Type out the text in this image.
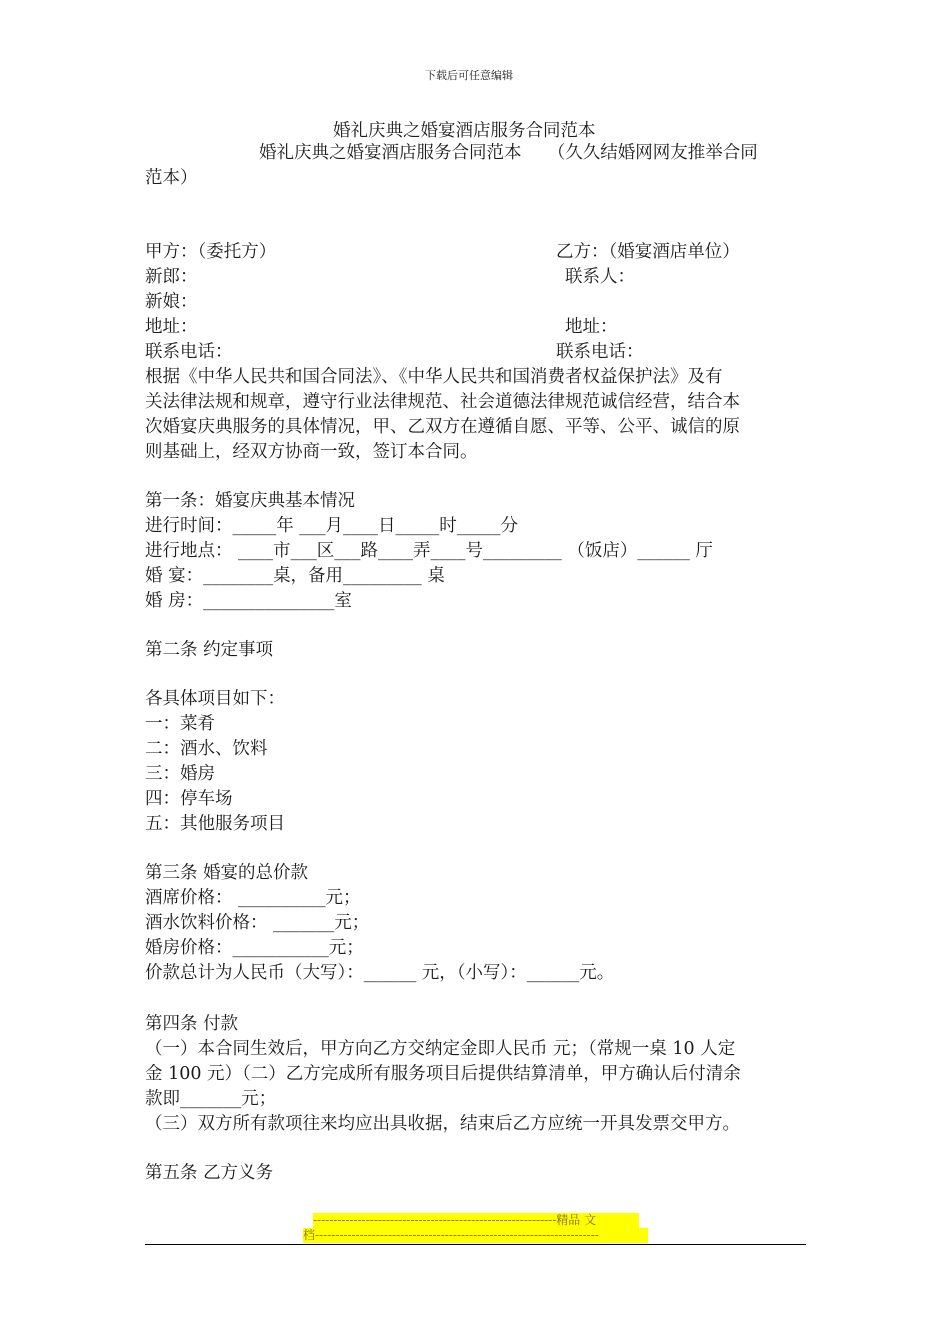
下载后可任意编辑
婚礼庆典之婚宴酒店服务合同范本
婚礼庆典之婚宴酒店服务合同范本　　（久久结婚网网友推举合同
范本）
甲方：（委托方）	乙方：（婚宴酒店单位）
新郎：	联系人：
新娘：
地址：	地址：
联系电话：	联系电话：
根据《中华人民共和国合同法》、《中华人民共和国消费者权益保护法》及有
关法律法规和规章，遵守行业法律规范、社会道德法律规范诚信经营，结合本
次婚宴庆典服务的具体情况，甲、乙双方在遵循自愿、平等、公平、诚信的原
则基础上，经双方协商一致，签订本合同。
第一条：婚宴庆典基本情况
进行时间：_____年 ___月____日_____时_____分
进行地点： ____市___区___路____弄____号_________ （饭店）______ 厅
婚 宴：________桌，备用_________ 桌
婚 房：_______________室
第二条 约定事项
各具体项目如下：
一：菜肴
二：酒水、饮料
三：婚房
四：停车场
五：其他服务项目
第三条 婚宴的总价款
酒席价格： __________元；
酒水饮料价格： _______元；
婚房价格：___________元；
价款总计为人民币（大写）：______ 元，（小写）：______元。
第四条 付款
（一）本合同生效后，甲方向乙方交纳定金即人民币 元；（常规一桌 10 人定
金 100 元）（二）乙方完成所有服务项目后提供结算清单，甲方确认后付清余
款即_______元；
（三）双方所有款项往来均应出具收据，结束后乙方应统一开具发票交甲方。
第五条 乙方义务
------------------------------------------------------------精品 文
档----------------------------------------------------------------------
